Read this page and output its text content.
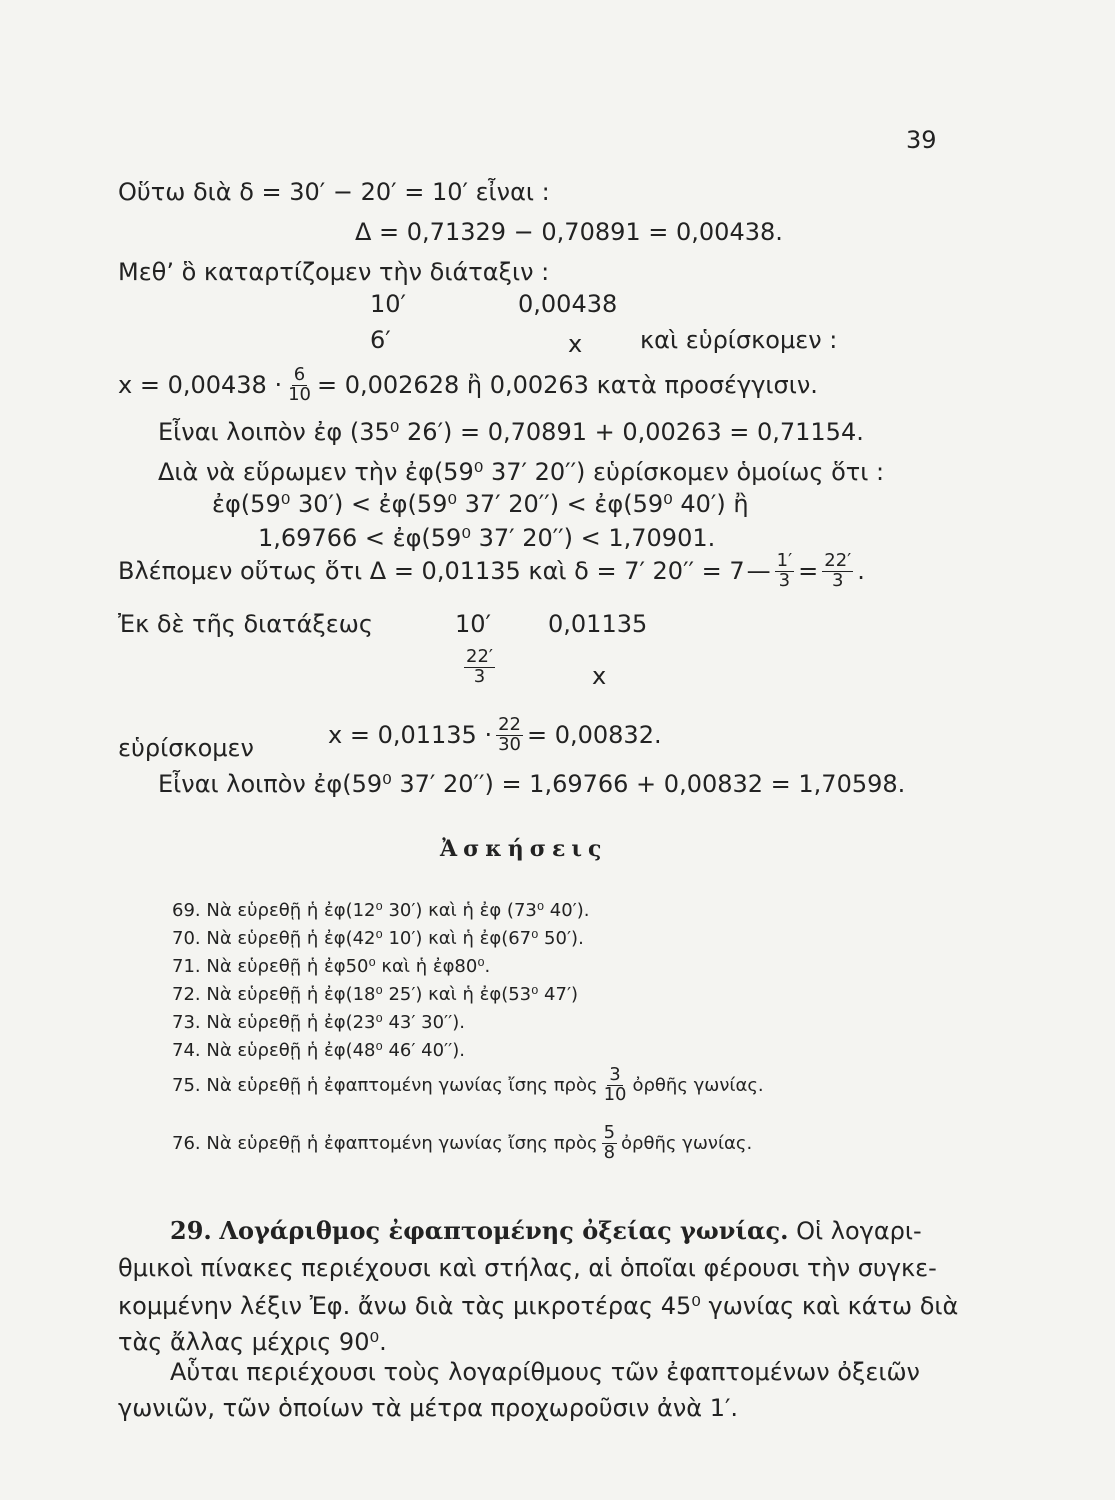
39
Οὕτω διὰ δ = 30′ − 20′ = 10′ εἶναι :
Δ = 0,71329 − 0,70891 = 0,00438.
Μεθ’ ὃ καταρτίζομεν τὴν διάταξιν :
10′	0,00438
6′	x καὶ εὑρίσκομεν :
$x = 0,00438 \cdot \frac{6}{10} = 0,002628$ ἢ 0,00263 κατὰ προσέγγισιν.
Εἶναι λοιπὸν ἐφ (35⁰ 26′) = 0,70891 + 0,00263 = 0,71154.
Διὰ νὰ εὕρωμεν τὴν ἐφ(59⁰ 37′ 20′′) εὑρίσκομεν ὁμοίως ὅτι :
ἐφ(59⁰ 30′) < ἐφ(59⁰ 37′ 20′′) < ἐφ(59⁰ 40′) ἢ
1,69766 < ἐφ(59⁰ 37′ 20′′) < 1,70901.
Βλέπομεν οὕτως ὅτι Δ = 0,01135 καὶ δ = 7′ 20′′ = 7 — $\frac{1'}{3} = \frac{22'}{3}$ .
Ἐκ δὲ τῆς διατάξεως	10′ 0,01135
$\frac{22'}{3}$	x
εὑρίσκομεν	$x = 0,01135 \cdot \frac{22}{30} = 0,00832$.
Εἶναι λοιπὸν ἐφ(59⁰ 37′ 20′′) = 1,69766 + 0,00832 = 1,70598.
Ἀσκήσεις
69. Νὰ εὑρεθῇ ἡ ἐφ(12⁰ 30′) καὶ ἡ ἐφ (73⁰ 40′).
70. Νὰ εὑρεθῇ ἡ ἐφ(42⁰ 10′) καὶ ἡ ἐφ(67⁰ 50′).
71. Νὰ εὑρεθῇ ἡ ἐφ50⁰ καὶ ἡ ἐφ80⁰.
72. Νὰ εὑρεθῇ ἡ ἐφ(18⁰ 25′) καὶ ἡ ἐφ(53⁰ 47′)
73. Νὰ εὑρεθῇ ἡ ἐφ(23⁰ 43′ 30′′).
74. Νὰ εὑρεθῇ ἡ ἐφ(48⁰ 46′ 40′′).
75. Νὰ εὑρεθῇ ἡ ἐφαπτομένη γωνίας ἴσης πρὸς $\frac{3}{10}$ ὀρθῆς γωνίας.
76. Νὰ εὑρεθῇ ἡ ἐφαπτομένη γωνίας ἴσης πρὸς $\frac{5}{8}$ ὀρθῆς γωνίας.
29. Λογάριθμος ἐφαπτομένης ὀξείας γωνίας. Οἱ λογαρι-
θμικοὶ πίνακες περιέχουσι καὶ στήλας, αἱ ὁποῖαι φέρουσι τὴν συγκε-
κομμένην λέξιν Ἐφ. ἄνω διὰ τὰς μικροτέρας 45⁰ γωνίας καὶ κάτω διὰ
τὰς ἄλλας μέχρις 90⁰.
Αὗται περιέχουσι τοὺς λογαρίθμους τῶν ἐφαπτομένων ὀξειῶν
γωνιῶν, τῶν ὁποίων τὰ μέτρα προχωροῦσιν ἀνὰ 1′.
